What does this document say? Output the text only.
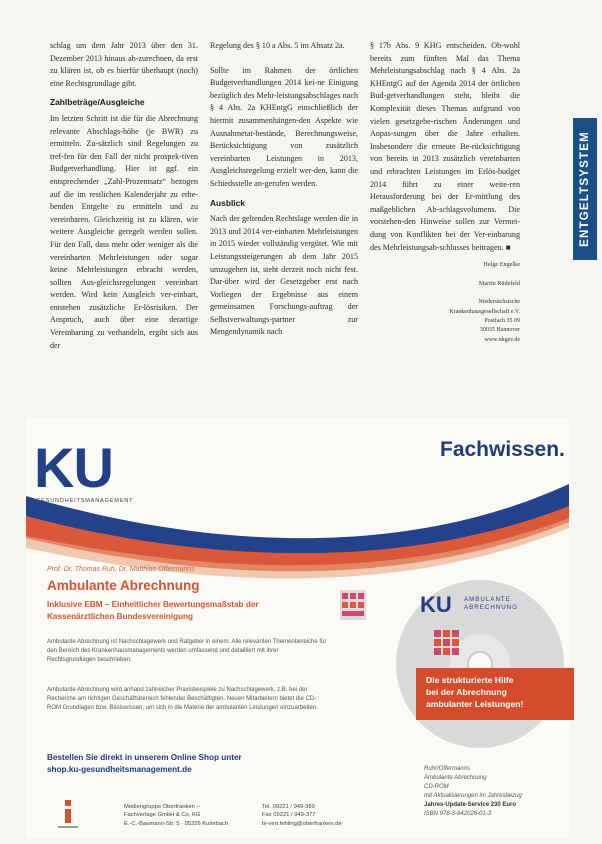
schlag um dem Jahr 2013 über den 31. Dezember 2013 hinaus ab-zurechnen, da erst zu klären ist, ob es hierfür überhaupt (noch) eine Rechtsgrundlage gibt.

Zahlbeträge/Ausgleiche

Im letzten Schritt ist die für die Abrechnung relevante Abschlags-höhe (je BWR) zu ermitteln. Zu-sätzlich sind Regelungen zu tref-fen für den Fall der nicht prospek-tiven Budgetverhandlung. Hier ist ggf. ein entsprechender „Zahl-Prozentsatz“ bezogen auf die im restlichen Kalenderjahr zu erhe-benden Entgelte zu ermitteln und zu vereinbaren. Gleichzeitig ist zu klären, wie weitere Ausgleiche geregelt werden sollen. Für den Fall, dass mehr oder weniger als die vereinbarten Mehrleistungen oder sogar keine Mehrleistungen erbracht werden, sollten Aus-gleichsregelungen vereinbart werden. Wird kein Ausgleich ver-einbart, entstehen zusätzliche Er-lösrisiken. Der Anspruch, auch über eine derartige Vereinbarung zu verhandeln, ergibt sich aus der

Regelung des § 10 a Abs. 5 im Absatz 2a.

Sollte im Rahmen der örtlichen Budgetverhandlungen 2014 kei-ne Einigung bezüglich des Mehr-leistungsabschlages nach § 4 Abs. 2a KHEntgG einschließlich der hiermit zusammenhängen-den Aspekte wie Ausnahmetat-bestände, Berechnungsweise, Berücksichtigung von zusätzlich vereinbarten Leistungen in 2013, Ausgleichsregelung erzielt wer-den, kann die Schiedsstelle an-gerufen werden.

Ausblick

Nach der geltenden Rechtslage werden die in 2013 und 2014 ver-einbarten Mehrleistungen in 2015 wieder vollständig vergütet. Wie mit Leistungssteigerungen ab dem Jahr 2015 umzugehen ist, steht derzeit noch nicht fest. Dar-über wird der Gesetzgeber erst nach Vorliegen der Ergebnisse aus einem gemeinsamen Forschungs-auftrag der Selbstverwaltungs-partner zur Mengendynamik nach

§ 17b Abs. 9 KHG entscheiden. Ob-wohl bereits zum fünften Mal das Thema Mehrleistungsabschlag nach § 4 Abs. 2a KHEntgG auf der Agenda 2014 der örtlichen Bud-getverhandlungen steht, bleibt die Komplexität dieses Themas aufgrund von vielen gesetzgebe-rischen Änderungen und Anpas-sungen über die Jahre erhalten. Insbesondere die erneute Be-rücksichtigung von bereits in 2013 zusätzlich vereinbarten und erbrachten Leistungen im Erlös-budget 2014 führt zu einer weite-ren Herausforderung bei der Er-mittlung des maßgeblichen Ab-schlagsvolumens. Die vorstehen-den Hinweise sollen zur Vermei-dung von Konflikten bei der Ver-einbarung des Mehrleistungsab-schlusses beitragen. ■

Helge Engelke
Martin Rüdefeld
Niedersächsische
Krankenhausgesellschaft e.V.
Postfach 35 09
30035 Hannover
www.nkgev.de
ENTGELTSYSTEM
KU
GESUNDHEITSMANAGEMENT
Fachwissen.
Prof. Dr. Thomas Ruh, Dr. Matthias Offermanns
Ambulante Abrechnung
Inklusive EBM – Einheitlicher Bewertungsmaßstab der Kassenärztlichen Bundesvereinigung
Ambulante Abrechnung ist Nachschlagewerk und Ratgeber in einem. Alle relevanten Themenbereiche für den Bereich des Krankenhausmanagements werden umfassend und detailliert mit ihrer Rechtsgrundlagen beschrieben.
Ambulante Abrechnung wird anhand zahlreicher Praxisbeispiele zu Nachschlagewerk, z.B. bei der Recherche am richtigen Geschäftsbereich fehlender Beschäftigten. Neuen Mitarbeitern bietet die CD-ROM Grundlagen bzw. Basiswissen, um sich in die Materie der ambulanten Leistungen einzuarbeiten.
Bestellen Sie direkt in unserem Online Shop unter
shop.ku-gesundheitsmanagement.de
KU AMBULANTE
ABRECHNUNG
Die strukturierte Hilfe
bei der Abrechnung
ambulanter Leistungen!
Ruhr/Offermanns
Ambulante Abrechnung
CD-ROM
mit Aktualisierungen im Jahresbezug
Jahres-Update-Service 230 Euro
ISBN 978-3-942026-01-3
Mediengruppe Oberfranken –
Fachverlage GmbH & Co. KG
E.-C.-Baumann-Str. 5 · 95326 Kulmbach
Tel. 09221 / 949-389
Fax 09221 / 949-377
bi-vert.fehling@oberfranken.de
